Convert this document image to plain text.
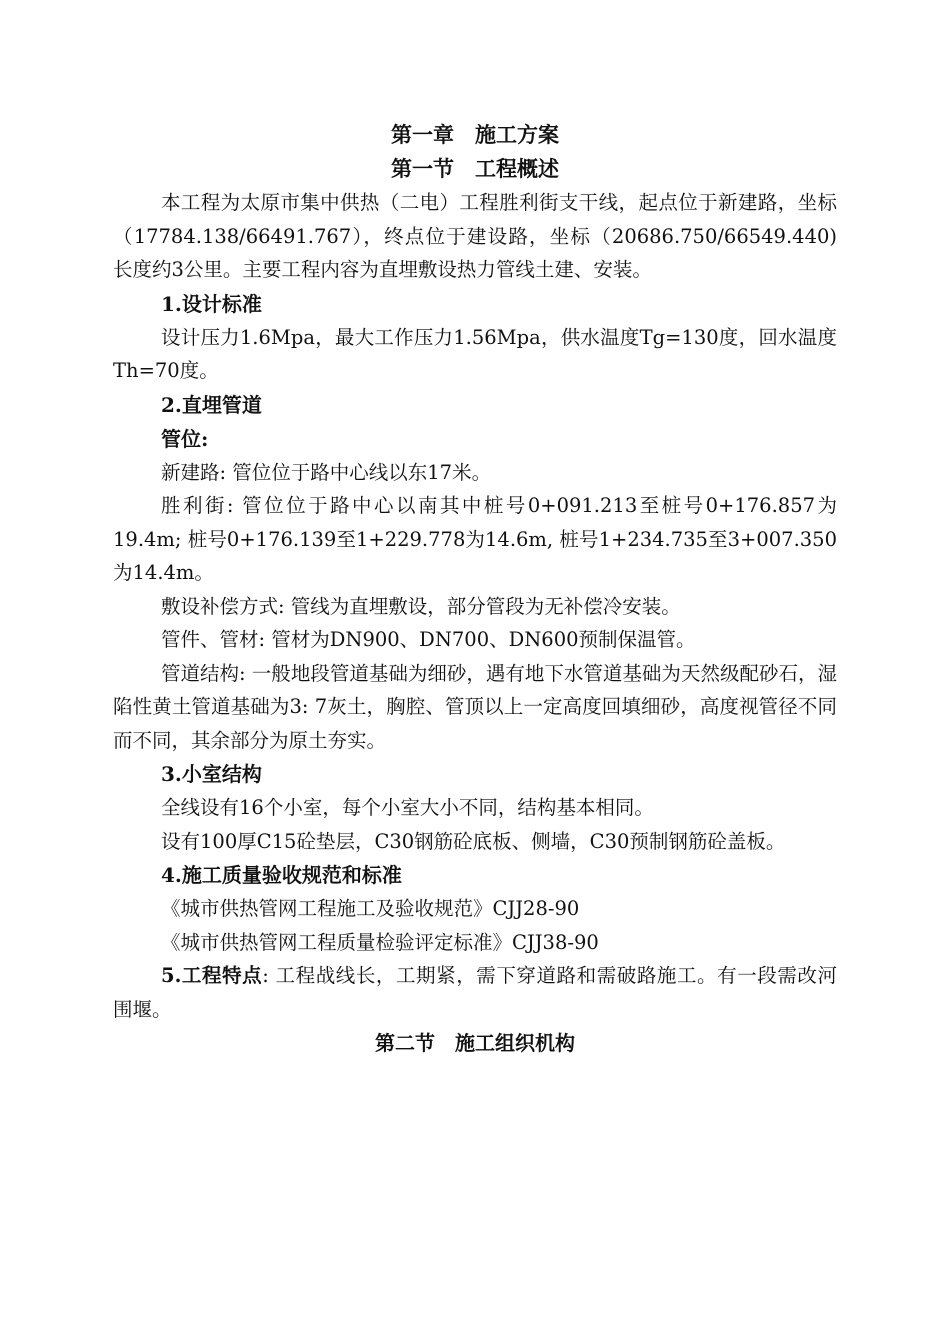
第一章　施工方案
第一节　工程概述

本工程为太原市集中供热（二电）工程胜利街支干线，起点位于新建路，坐标（17784.138/66491.767），终点位于建设路，坐标（20686.750/66549.440)长度约3公里。主要工程内容为直埋敷设热力管线土建、安装。

1.设计标准

设计压力1.6Mpa，最大工作压力1.56Mpa，供水温度Tg=130度，回水温度Th=70度。

2.直埋管道

管位:

新建路: 管位位于路中心线以东17米。

胜利街: 管位位于路中心以南其中桩号0+091.213至桩号0+176.857为19.4m; 桩号0+176.139至1+229.778为14.6m, 桩号1+234.735至3+007.350为14.4m。

敷设补偿方式: 管线为直埋敷设，部分管段为无补偿冷安装。

管件、管材: 管材为DN900、DN700、DN600预制保温管。

管道结构: 一般地段管道基础为细砂，遇有地下水管道基础为天然级配砂石，湿陷性黄土管道基础为3: 7灰土，胸腔、管顶以上一定高度回填细砂，高度视管径不同而不同，其余部分为原土夯实。

3.小室结构

全线设有16个小室，每个小室大小不同，结构基本相同。

设有100厚C15砼垫层，C30钢筋砼底板、侧墙，C30预制钢筋砼盖板。

4.施工质量验收规范和标准

《城市供热管网工程施工及验收规范》CJJ28-90

《城市供热管网工程质量检验评定标准》CJJ38-90

5.工程特点: 工程战线长，工期紧，需下穿道路和需破路施工。有一段需改河围堰。

第二节　施工组织机构
